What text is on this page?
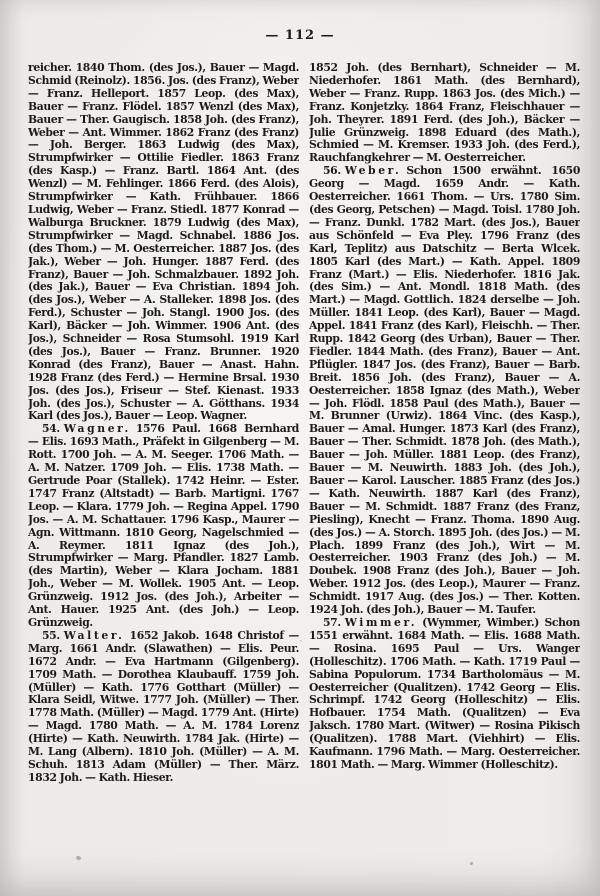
— 112 —

reicher. 1840 Thom. (des Jos.), Bauer — Magd. Schmid (Reinolz). 1856. Jos. (des Franz), Weber — Franz. Helleport. 1857 Leop. (des Max), Bauer — Franz. Flödel. 1857 Wenzl (des Max), Bauer — Ther. Gaugisch. 1858 Joh. (des Franz), Weber — Ant. Wimmer. 1862 Franz (des Franz) — Joh. Berger. 1863 Ludwig (des Max), Strumpfwirker — Ottilie Fiedler. 1863 Franz (des Kasp.) — Franz. Bartl. 1864 Ant. (des Wenzl) — M. Fehlinger. 1866 Ferd. (des Alois), Strumpfwirker — Kath. Frühbauer. 1866 Ludwig, Weber — Franz. Stiedl. 1877 Konrad — Walburga Bruckner. 1879 Ludwig (des Max), Strumpfwirker — Magd. Schnabel. 1886 Jos. (des Thom.) — M. Oesterreicher. 1887 Jos. (des Jak.), Weber — Joh. Hunger. 1887 Ferd. (des Franz), Bauer — Joh. Schmalzbauer. 1892 Joh. (des Jak.), Bauer — Eva Christian. 1894 Joh. (des Jos.), Weber — A. Stalleker. 1898 Jos. (des Ferd.), Schuster — Joh. Stangl. 1900 Jos. (des Karl), Bäcker — Joh. Wimmer. 1906 Ant. (des Jos.), Schneider — Rosa Stumsohl. 1919 Karl (des Jos.), Bauer — Franz. Brunner. 1920 Konrad (des Franz), Bauer — Anast. Hahn. 1928 Franz (des Ferd.) — Hermine Brsal. 1930 Jos. (des Jos.), Friseur — Stef. Kienast. 1933 Joh. (des Jos.), Schuster — A. Götthans. 1934 Karl (des Jos.), Bauer — Leop. Wagner.

54. Wagner. 1576 Paul. 1668 Bernhard — Elis. 1693 Math., Präfekt in Gilgenberg — M. Rott. 1700 Joh. — A. M. Seeger. 1706 Math. — A. M. Natzer. 1709 Joh. — Elis. 1738 Math. — Gertrude Poar (Stallek). 1742 Heinr. — Ester. 1747 Franz (Altstadt) — Barb. Martigni. 1767 Leop. — Klara. 1779 Joh. — Regina Appel. 1790 Jos. — A. M. Schattauer. 1796 Kasp., Maurer — Agn. Wittmann. 1810 Georg, Nagelschmied — A. Reymer. 1811 Ignaz (des Joh.), Strumpfwirker — Marg. Pfandler. 1827 Lamb. (des Martin), Weber — Klara Jocham. 1881 Joh., Weber — M. Wollek. 1905 Ant. — Leop. Grünzweig. 1912 Jos. (des Joh.), Arbeiter — Ant. Hauer. 1925 Ant. (des Joh.) — Leop. Grünzweig.

55. Walter. 1652 Jakob. 1648 Christof — Marg. 1661 Andr. (Slawathen) — Elis. Peur. 1672 Andr. — Eva Hartmann (Gilgenberg). 1709 Math. — Dorothea Klaubauff. 1759 Joh. (Müller) — Kath. 1776 Gotthart (Müller) — Klara Seidl, Witwe. 1777 Joh. (Müller) — Ther. 1778 Math. (Müller) — Magd. 1779 Ant. (Hirte) — Magd. 1780 Math. — A. M. 1784 Lorenz (Hirte) — Kath. Neuwirth. 1784 Jak. (Hirte) — M. Lang (Albern). 1810 Joh. (Müller) — A. M. Schuh. 1813 Adam (Müller) — Ther. März. 1832 Joh. — Kath. Hieser.

1852 Joh. (des Bernhart), Schneider — M. Niederhofer. 1861 Math. (des Bernhard), Weber — Franz. Rupp. 1863 Jos. (des Mich.) — Franz. Konjetzky. 1864 Franz, Fleischhauer — Joh. Theyrer. 1891 Ferd. (des Joh.), Bäcker — Julie Grünzweig. 1898 Eduard (des Math.), Schmied — M. Kremser. 1933 Joh. (des Ferd.), Rauchfangkehrer — M. Oesterreicher.

56. Weber. Schon 1500 erwähnt. 1650 Georg — Magd. 1659 Andr. — Kath. Oesterreicher. 1661 Thom. — Urs. 1780 Sim. (des Georg, Petschen) — Magd. Toisl. 1780 Joh. — Franz. Dunkl. 1782 Mart. (des Jos.), Bauer aus Schönfeld — Eva Pley. 1796 Franz (des Karl, Teplitz) aus Datschitz — Berta Wlcek. 1805 Karl (des Mart.) — Kath. Appel. 1809 Franz (Mart.) — Elis. Niederhofer. 1816 Jak. (des Sim.) — Ant. Mondl. 1818 Math. (des Mart.) — Magd. Gottlich. 1824 derselbe — Joh. Müller. 1841 Leop. (des Karl), Bauer — Magd. Appel. 1841 Franz (des Karl), Fleischh. — Ther. Rupp. 1842 Georg (des Urban), Bauer — Ther. Fiedler. 1844 Math. (des Franz), Bauer — Ant. Pflügler. 1847 Jos. (des Franz), Bauer — Barb. Breit. 1856 Joh. (des Franz), Bauer — A. Oesterreicher. 1858 Ignaz (des Math.), Weber — Joh. Flödl. 1858 Paul (des Math.), Bauer — M. Brunner (Urwiz). 1864 Vinc. (des Kasp.), Bauer — Amal. Hunger. 1873 Karl (des Franz), Bauer — Ther. Schmidt. 1878 Joh. (des Math.), Bauer — Joh. Müller. 1881 Leop. (des Franz), Bauer — M. Neuwirth. 1883 Joh. (des Joh.), Bauer — Karol. Lauscher. 1885 Franz (des Jos.) — Kath. Neuwirth. 1887 Karl (des Franz), Bauer — M. Schmidt. 1887 Franz (des Franz, Piesling), Knecht — Franz. Thoma. 1890 Aug. (des Jos.) — A. Storch. 1895 Joh. (des Jos.) — M. Plach. 1899 Franz (des Joh.), Wirt — M. Oesterreicher. 1903 Franz (des Joh.) — M. Doubek. 1908 Franz (des Joh.), Bauer — Joh. Weber. 1912 Jos. (des Leop.), Maurer — Franz. Schmidt. 1917 Aug. (des Jos.) — Ther. Kotten. 1924 Joh. (des Joh.), Bauer — M. Taufer.

57. Wimmer. (Wymmer, Wimber.) Schon 1551 erwähnt. 1684 Math. — Elis. 1688 Math. — Rosina. 1695 Paul — Urs. Wanger (Holleschitz). 1706 Math. — Kath. 1719 Paul — Sabina Populorum. 1734 Bartholomäus — M. Oesterreicher (Qualitzen). 1742 Georg — Elis. Schrimpf. 1742 Georg (Holleschitz) — Elis. Hofbauer. 1754 Math. (Qualitzen) — Eva Jaksch. 1780 Mart. (Witwer) — Rosina Pikisch (Qualitzen). 1788 Mart. (Viehhirt) — Elis. Kaufmann. 1796 Math. — Marg. Oesterreicher. 1801 Math. — Marg. Wimmer (Holleschitz).
